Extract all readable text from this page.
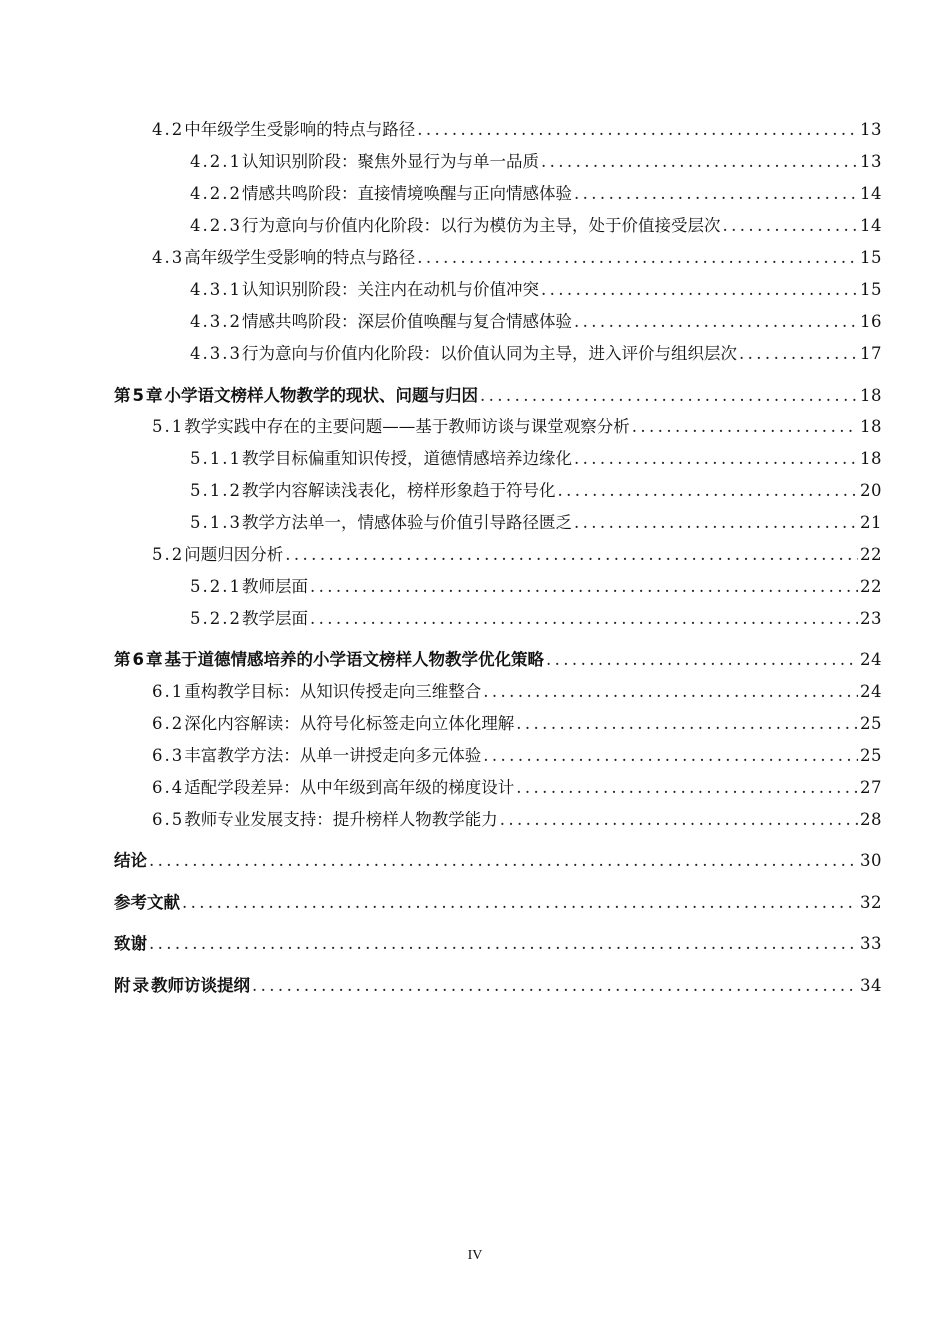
4.2 中年级学生受影响的特点与路径 .....	13
4.2.1 认知识别阶段：聚焦外显行为与单一品质 .....	13
4.2.2 情感共鸣阶段：直接情境唤醒与正向情感体验 .....	14
4.2.3 行为意向与价值内化阶段：以行为模仿为主导，处于价值接受层次 .....	14
4.3 高年级学生受影响的特点与路径 .....	15
4.3.1 认知识别阶段：关注内在动机与价值冲突 .....	15
4.3.2 情感共鸣阶段：深层价值唤醒与复合情感体验 .....	16
4.3.3 行为意向与价值内化阶段：以价值认同为主导，进入评价与组织层次 .....	17
第5章 小学语文榜样人物教学的现状、问题与归因 .....	18
5.1 教学实践中存在的主要问题——基于教师访谈与课堂观察分析 .....	18
5.1.1 教学目标偏重知识传授，道德情感培养边缘化 .....	18
5.1.2 教学内容解读浅表化，榜样形象趋于符号化 .....	20
5.1.3 教学方法单一，情感体验与价值引导路径匮乏 .....	21
5.2 问题归因分析 .....	22
5.2.1 教师层面 .....	22
5.2.2 教学层面 .....	23
第6章 基于道德情感培养的小学语文榜样人物教学优化策略 .....	24
6.1 重构教学目标：从知识传授走向三维整合 .....	24
6.2 深化内容解读：从符号化标签走向立体化理解 .....	25
6.3 丰富教学方法：从单一讲授走向多元体验 .....	25
6.4 适配学段差异：从中年级到高年级的梯度设计 .....	27
6.5 教师专业发展支持：提升榜样人物教学能力 .....	28
结论 .....	30
参考文献 .....	32
致谢 .....	33
附录 教师访谈提纲 .....	34
IV
